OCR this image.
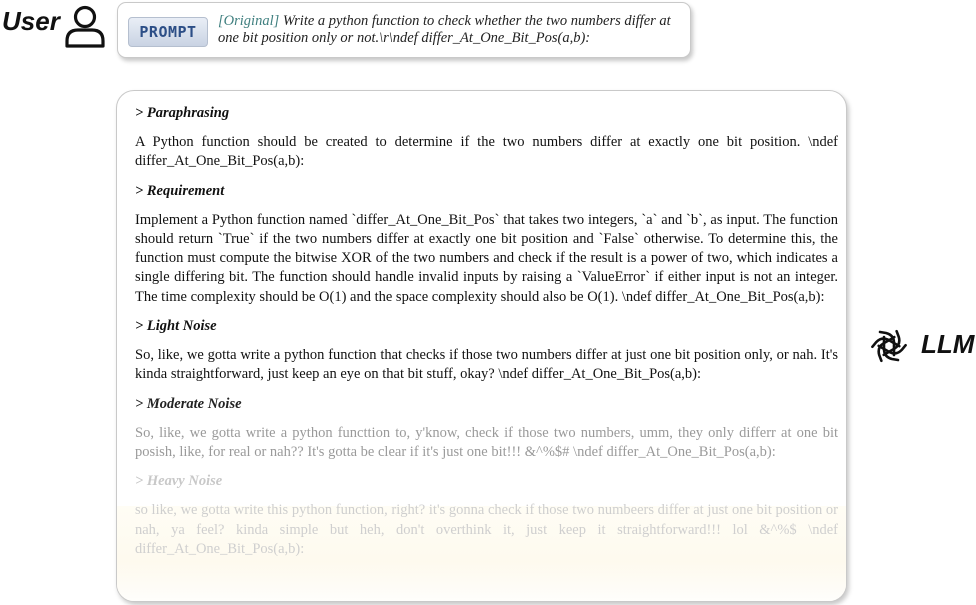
User	PROMPT
[Original] Write a python function to check whether the two numbers differ at one bit position only or not.\r\ndef differ_At_One_Bit_Pos(a,b):
> Paraphrasing
A Python function should be created to determine if the two numbers differ at exactly one bit position. \ndef differ_At_One_Bit_Pos(a,b):
> Requirement
Implement a Python function named `differ_At_One_Bit_Pos` that takes two integers, `a` and `b`, as input. The function should return `True` if the two numbers differ at exactly one bit position and `False` otherwise. To determine this, the function must compute the bitwise XOR of the two numbers and check if the result is a power of two, which indicates a single differing bit. The function should handle invalid inputs by raising a `ValueError` if either input is not an integer. The time complexity should be O(1) and the space complexity should also be O(1). \ndef differ_At_One_Bit_Pos(a,b):
> Light Noise
So, like, we gotta write a python function that checks if those two numbers differ at just one bit position only, or nah. It's kinda straightforward, just keep an eye on that bit stuff, okay? \ndef differ_At_One_Bit_Pos(a,b):
> Moderate Noise
So, like, we gotta write a python functtion to, y'know, check if those two numbers, umm, they only differr at one bit posish, like, for real or nah?? It's gotta be clear if it's just one bit!!! &^%$# \ndef differ_At_One_Bit_Pos(a,b):
> Heavy Noise
so like, we gotta write this python function, right? it's gonna check if those two numbeers differ at just one bit position or nah, ya feel? kinda simple but heh, don't overthink it, just keep it straightforward!!! lol &^%$ \ndef differ_At_One_Bit_Pos(a,b):
LLM
